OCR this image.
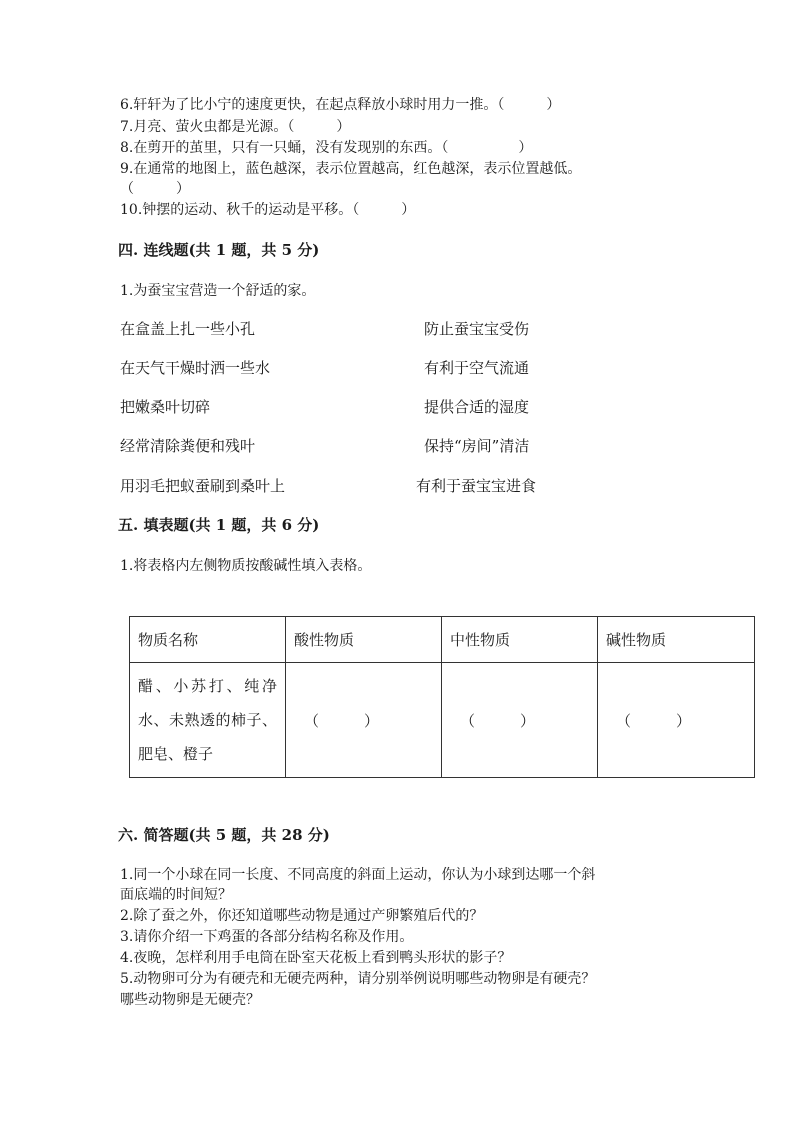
6.轩轩为了比小宁的速度更快，在起点释放小球时用力一推。（　　　）
7.月亮、萤火虫都是光源。（　　　）
8.在剪开的茧里，只有一只蛹，没有发现别的东西。（　　　　　）
9.在通常的地图上，蓝色越深，表示位置越高，红色越深，表示位置越低。
（　　　）
10.钟摆的运动、秋千的运动是平移。（　　　）
四. 连线题(共 1 题，共 5 分)
1.为蚕宝宝营造一个舒适的家。
在盒盖上扎一些小孔
在天气干燥时洒一些水
把嫩桑叶切碎
经常清除粪便和残叶
用羽毛把蚁蚕刷到桑叶上
防止蚕宝宝受伤
有利于空气流通
提供合适的湿度
保持“房间”清洁
有利于蚕宝宝进食
五. 填表题(共 1 题，共 6 分)
1.将表格内左侧物质按酸碱性填入表格。
物质名称	酸性物质	中性物质	碱性物质
醋、小苏打、纯净水、未熟透的柿子、肥皂、橙子	（　　　）	（　　　）	（　　　）
六. 简答题(共 5 题，共 28 分)
1.同一个小球在同一长度、不同高度的斜面上运动，你认为小球到达哪一个斜
面底端的时间短？
2.除了蚕之外，你还知道哪些动物是通过产卵繁殖后代的？
3.请你介绍一下鸡蛋的各部分结构名称及作用。
4.夜晚，怎样利用手电筒在卧室天花板上看到鸭头形状的影子？
5.动物卵可分为有硬壳和无硬壳两种，请分别举例说明哪些动物卵是有硬壳？
哪些动物卵是无硬壳？
